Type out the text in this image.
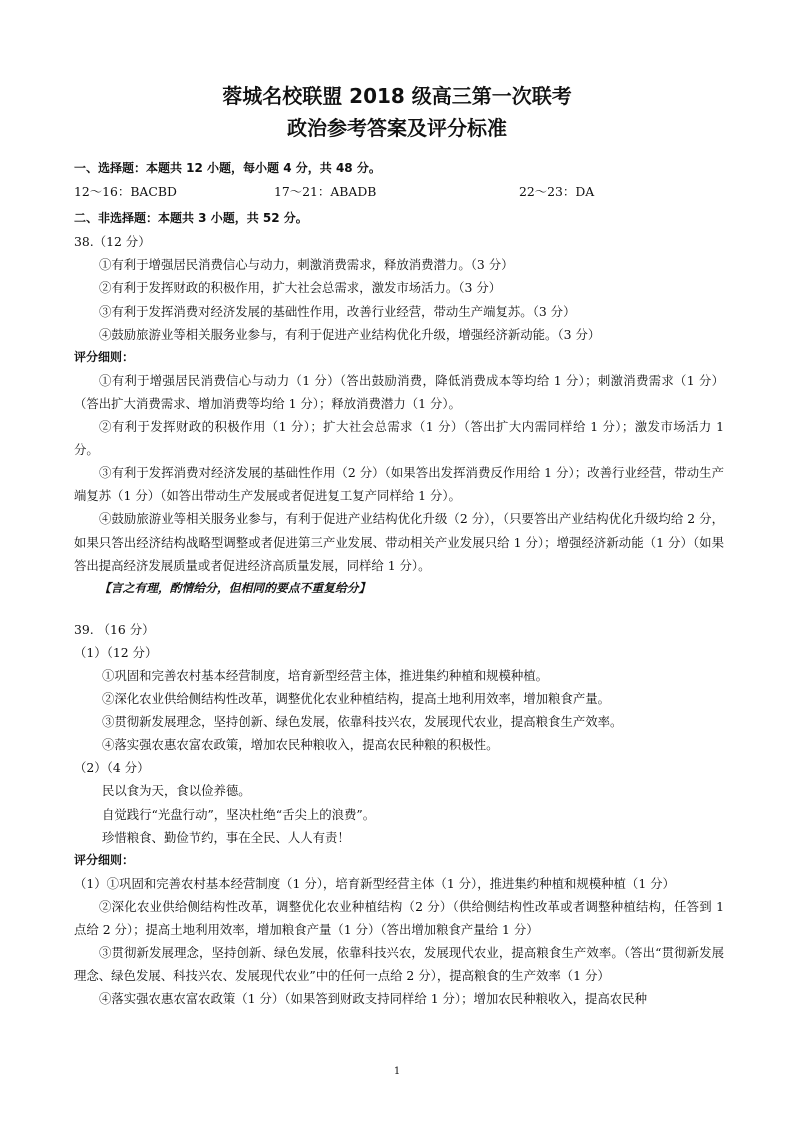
蓉城名校联盟 2018 级高三第一次联考
政治参考答案及评分标准

一、选择题：本题共 12 小题，每小题 4 分，共 48 分。

12～16：BACBD	17～21：ABADB	22～23：DA

二、非选择题：本题共 3 小题，共 52 分。

38.（12 分）

①有利于增强居民消费信心与动力，刺激消费需求，释放消费潜力。（3 分）

②有利于发挥财政的积极作用，扩大社会总需求，激发市场活力。（3 分）

③有利于发挥消费对经济发展的基础性作用，改善行业经营，带动生产端复苏。（3 分）

④鼓励旅游业等相关服务业参与，有利于促进产业结构优化升级，增强经济新动能。（3 分）

评分细则：

①有利于增强居民消费信心与动力（1 分）（答出鼓励消费，降低消费成本等均给 1 分）；刺激消费需求（1 分）（答出扩大消费需求、增加消费等均给 1 分）；释放消费潜力（1 分）。

②有利于发挥财政的积极作用（1 分）；扩大社会总需求（1 分）（答出扩大内需同样给 1 分）；激发市场活力 1 分。

③有利于发挥消费对经济发展的基础性作用（2 分）（如果答出发挥消费反作用给 1 分）；改善行业经营，带动生产端复苏（1 分）（如答出带动生产发展或者促进复工复产同样给 1 分）。

④鼓励旅游业等相关服务业参与，有利于促进产业结构优化升级（2 分），（只要答出产业结构优化升级均给 2 分，如果只答出经济结构战略型调整或者促进第三产业发展、带动相关产业发展只给 1 分）；增强经济新动能（1 分）（如果答出提高经济发展质量或者促进经济高质量发展，同样给 1 分）。

【言之有理，酌情给分，但相同的要点不重复给分】

39. （16 分）

（1）（12 分）

①巩固和完善农村基本经营制度，培育新型经营主体，推进集约种植和规模种植。

②深化农业供给侧结构性改革，调整优化农业种植结构，提高土地利用效率，增加粮食产量。

③贯彻新发展理念，坚持创新、绿色发展，依靠科技兴农，发展现代农业，提高粮食生产效率。

④落实强农惠农富农政策，增加农民种粮收入，提高农民种粮的积极性。

（2）（4 分）

民以食为天，食以俭养德。

自觉践行“光盘行动”，坚决杜绝“舌尖上的浪费”。

珍惜粮食、勤俭节约，事在全民、人人有责！

评分细则：

（1）①巩固和完善农村基本经营制度（1 分），培育新型经营主体（1 分），推进集约种植和规模种植（1 分）

②深化农业供给侧结构性改革，调整优化农业种植结构（2 分）（供给侧结构性改革或者调整种植结构，任答到 1 点给 2 分）；提高土地利用效率，增加粮食产量（1 分）（答出增加粮食产量给 1 分）

③贯彻新发展理念，坚持创新、绿色发展，依靠科技兴农，发展现代农业，提高粮食生产效率。（答出“贯彻新发展理念、绿色发展、科技兴农、发展现代农业”中的任何一点给 2 分），提高粮食的生产效率（1 分）

④落实强农惠农富农政策（1 分）（如果答到财政支持同样给 1 分）；增加农民种粮收入，提高农民种

1
